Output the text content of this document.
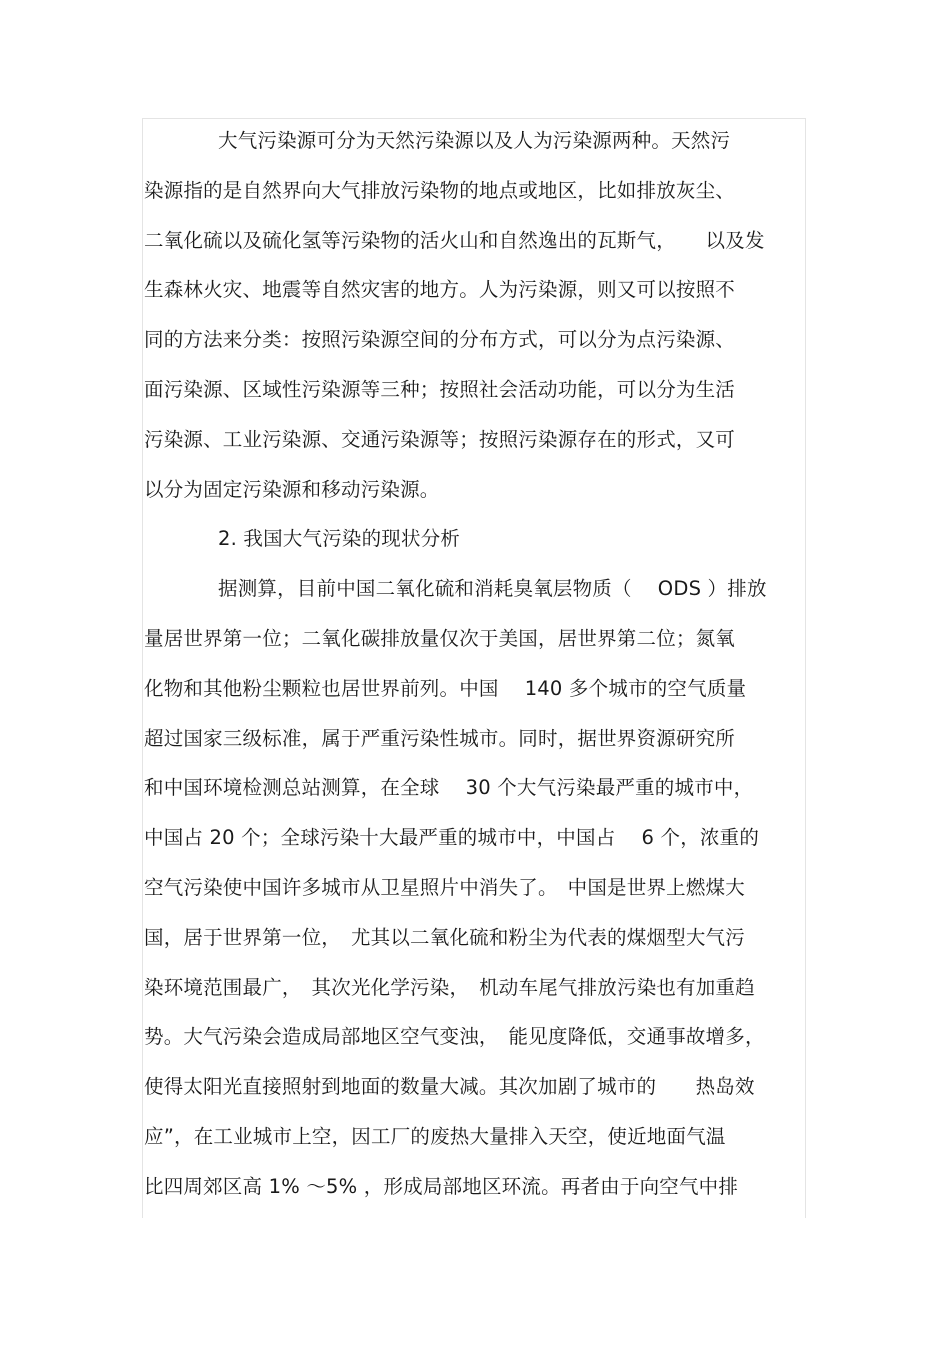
大气污染源可分为天然污染源以及人为污染源两种。天然污
染源指的是自然界向大气排放污染物的地点或地区，比如排放灰尘、
二氧化硫以及硫化氢等污染物的活火山和自然逸出的瓦斯气，　　以及发
生森林火灾、地震等自然灾害的地方。人为污染源，则又可以按照不
同的方法来分类：按照污染源空间的分布方式，可以分为点污染源、
面污染源、区域性污染源等三种；按照社会活动功能，可以分为生活
污染源、工业污染源、交通污染源等；按照污染源存在的形式，又可
以分为固定污染源和移动污染源。
2. 我国大气污染的现状分析
据测算，目前中国二氧化硫和消耗臭氧层物质（　 ODS ）排放
量居世界第一位；二氧化碳排放量仅次于美国，居世界第二位；氮氧
化物和其他粉尘颗粒也居世界前列。中国　 140 多个城市的空气质量
超过国家三级标准，属于严重污染性城市。同时，据世界资源研究所
和中国环境检测总站测算，在全球　 30 个大气污染最严重的城市中，
中国占 20 个；全球污染十大最严重的城市中，中国占　 6 个，浓重的
空气污染使中国许多城市从卫星照片中消失了。　中国是世界上燃煤大
国，居于世界第一位，　尤其以二氧化硫和粉尘为代表的煤烟型大气污
染环境范围最广，　其次光化学污染，　机动车尾气排放污染也有加重趋
势。大气污染会造成局部地区空气变浊，　能见度降低，交通事故增多，
使得太阳光直接照射到地面的数量大减。其次加剧了城市的　　热岛效
应”，在工业城市上空，因工厂的废热大量排入天空，使近地面气温
比四周郊区高 1% ～5% ，形成局部地区环流。再者由于向空气中排
